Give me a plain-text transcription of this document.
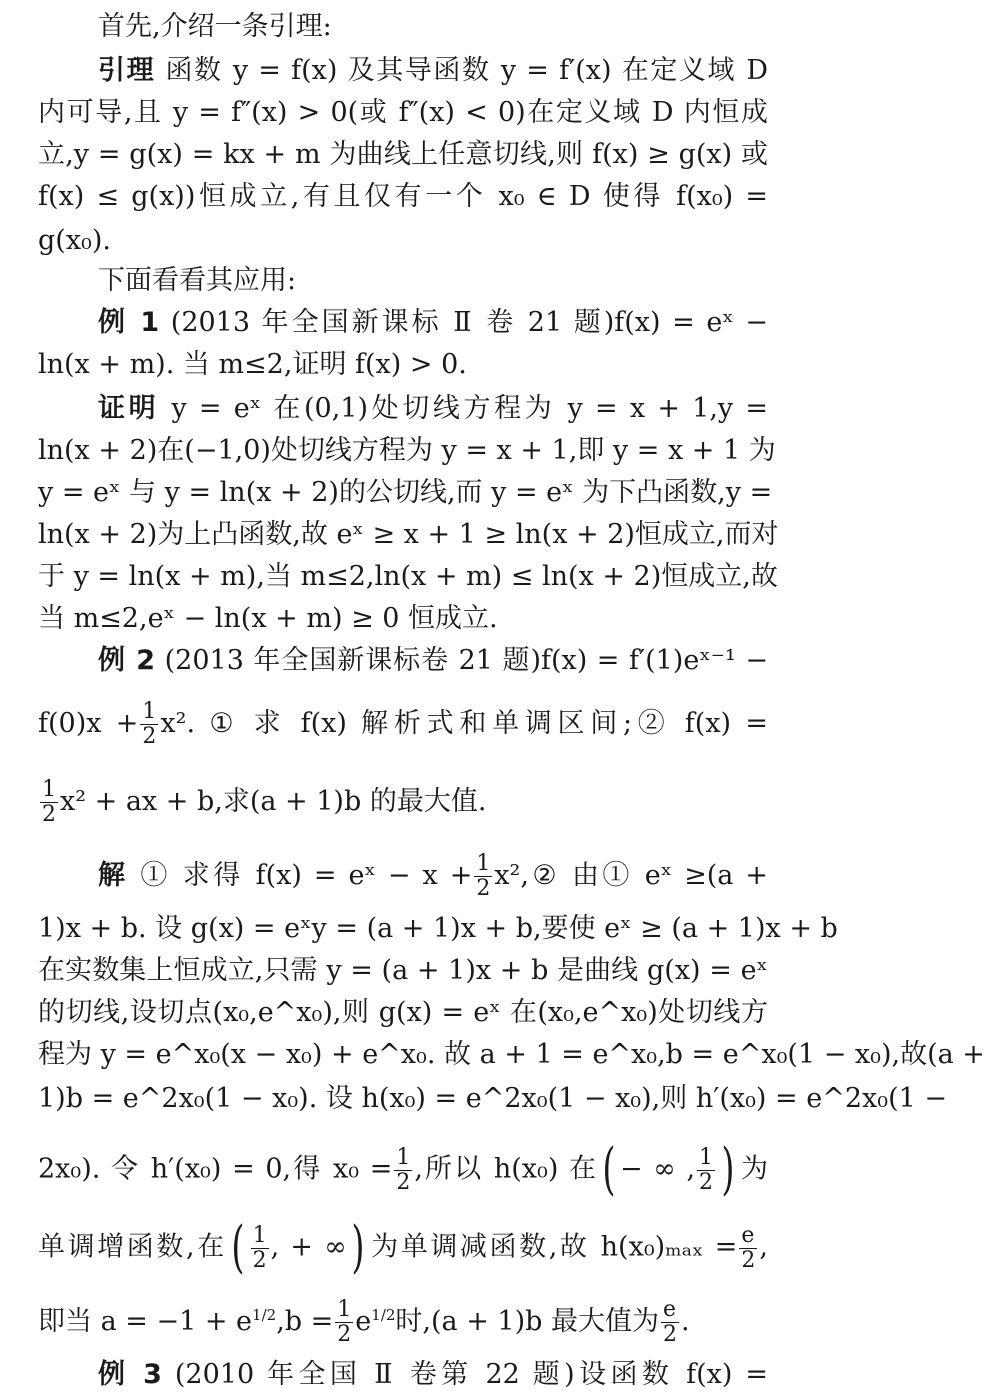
首先,介绍一条引理:
引理 函数 y = f(x) 及其导函数 y = f′(x) 在定义域 D
内可导,且 y = f″(x) > 0(或 f″(x) < 0)在定义域 D 内恒成
立,y = g(x) = kx + m 为曲线上任意切线,则 f(x) ≥ g(x) 或
f(x) ≤ g(x))恒成立,有且仅有一个 x₀ ∈ D 使得 f(x₀) =
g(x₀).
下面看看其应用:
例 1 (2013 年全国新课标 Ⅱ 卷 21 题)f(x) = eˣ −
ln(x + m). 当 m≤2,证明 f(x) > 0.
证明 y = eˣ 在(0,1)处切线方程为 y = x + 1,y =
ln(x + 2)在(−1,0)处切线方程为 y = x + 1,即 y = x + 1 为
y = eˣ 与 y = ln(x + 2)的公切线,而 y = eˣ 为下凸函数,y =
ln(x + 2)为上凸函数,故 eˣ ≥ x + 1 ≥ ln(x + 2)恒成立,而对
于 y = ln(x + m),当 m≤2,ln(x + m) ≤ ln(x + 2)恒成立,故
当 m≤2,eˣ − ln(x + m) ≥ 0 恒成立.
例 2 (2013 年全国新课标卷 21 题)f(x) = f′(1)eˣ⁻¹ −
$f(0)x + \frac{1}{2} x^2$. ① 求 f(x) 解析式和单调区间;② f(x) =
$\frac{1}{2} x^2$ + ax + b,求(a + 1)b 的最大值.
解 ① 求得 f(x) = eˣ − $x + \frac{1}{2}$ x²,② 由① eˣ ≥(a +
1)x + b. 设 g(x) = eˣy = (a + 1)x + b,要使 eˣ ≥ (a + 1)x + b
在实数集上恒成立,只需 y = (a + 1)x + b 是曲线 g(x) = eˣ
的切线,设切点(x₀,e^x₀),则 g(x) = eˣ 在(x₀,e^x₀)处切线方
程为 y = e^x₀(x − x₀) + e^x₀. 故 a + 1 = e^x₀,b = e^x₀(1 − x₀),故(a +
1)b = e^2x₀(1 − x₀). 设 h(x₀) = e^2x₀(1 − x₀),则 h′(x₀) = e^2x₀(1 −
2x₀). 令 h′(x₀) = 0,得 $x_0 = \frac{1}{2}$ ,所以 h(x₀) 在( − ∞ , $\frac{1}{2}$ ) 为
单调增函数,在( $\frac{1}{2}$ , + ∞) 为单调减函数,故 $h(x_0)_{max} = \frac{e}{2}$ ,
即当 $a = -1 + e^{1/2},b = \frac{1}{2} e^{1/2}$时,(a + 1)b 最大值为 $\frac{e}{2}$ .
例 3 (2010 年全国 Ⅱ 卷第 22 题)设函数 f(x) =
